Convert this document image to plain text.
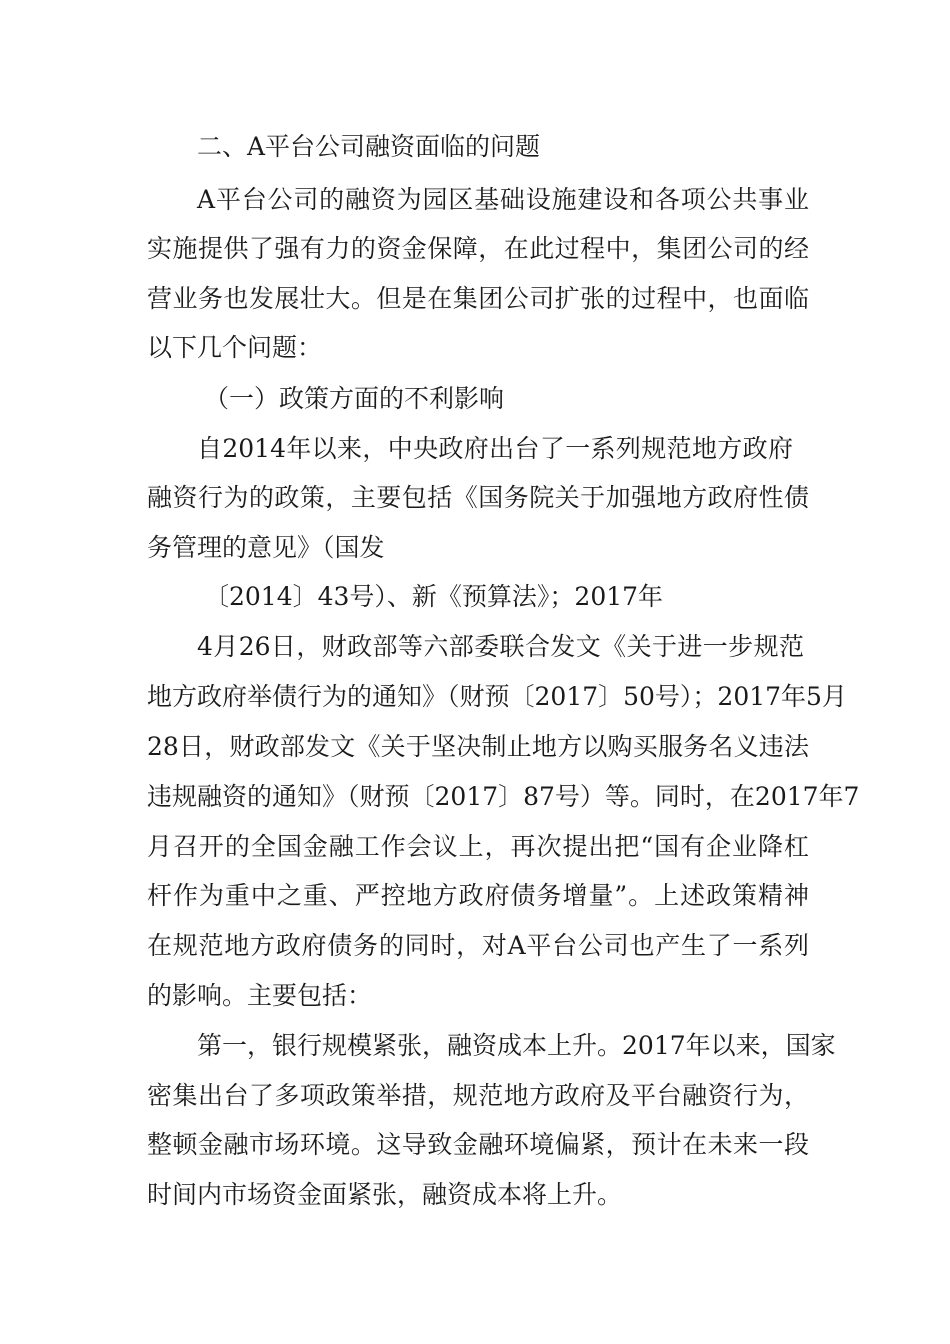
二、A平台公司融资面临的问题
A平台公司的融资为园区基础设施建设和各项公共事业
实施提供了强有力的资金保障，在此过程中，集团公司的经
营业务也发展壮大。但是在集团公司扩张的过程中，也面临
以下几个问题：
（一）政策方面的不利影响
自2014年以来，中央政府出台了一系列规范地方政府
融资行为的政策，主要包括《国务院关于加强地方政府性债
务管理的意见》（国发
〔2014〕43号）、新《预算法》；2017年
4月26日，财政部等六部委联合发文《关于进一步规范
地方政府举债行为的通知》（财预〔2017〕50号）；2017年5月
28日，财政部发文《关于坚决制止地方以购买服务名义违法
违规融资的通知》（财预〔2017〕87号）等。同时，在2017年7
月召开的全国金融工作会议上，再次提出把“国有企业降杠
杆作为重中之重、严控地方政府债务增量”。上述政策精神
在规范地方政府债务的同时，对A平台公司也产生了一系列
的影响。主要包括：
第一，银行规模紧张，融资成本上升。2017年以来，国家
密集出台了多项政策举措，规范地方政府及平台融资行为，
整顿金融市场环境。这导致金融环境偏紧，预计在未来一段
时间内市场资金面紧张，融资成本将上升。
